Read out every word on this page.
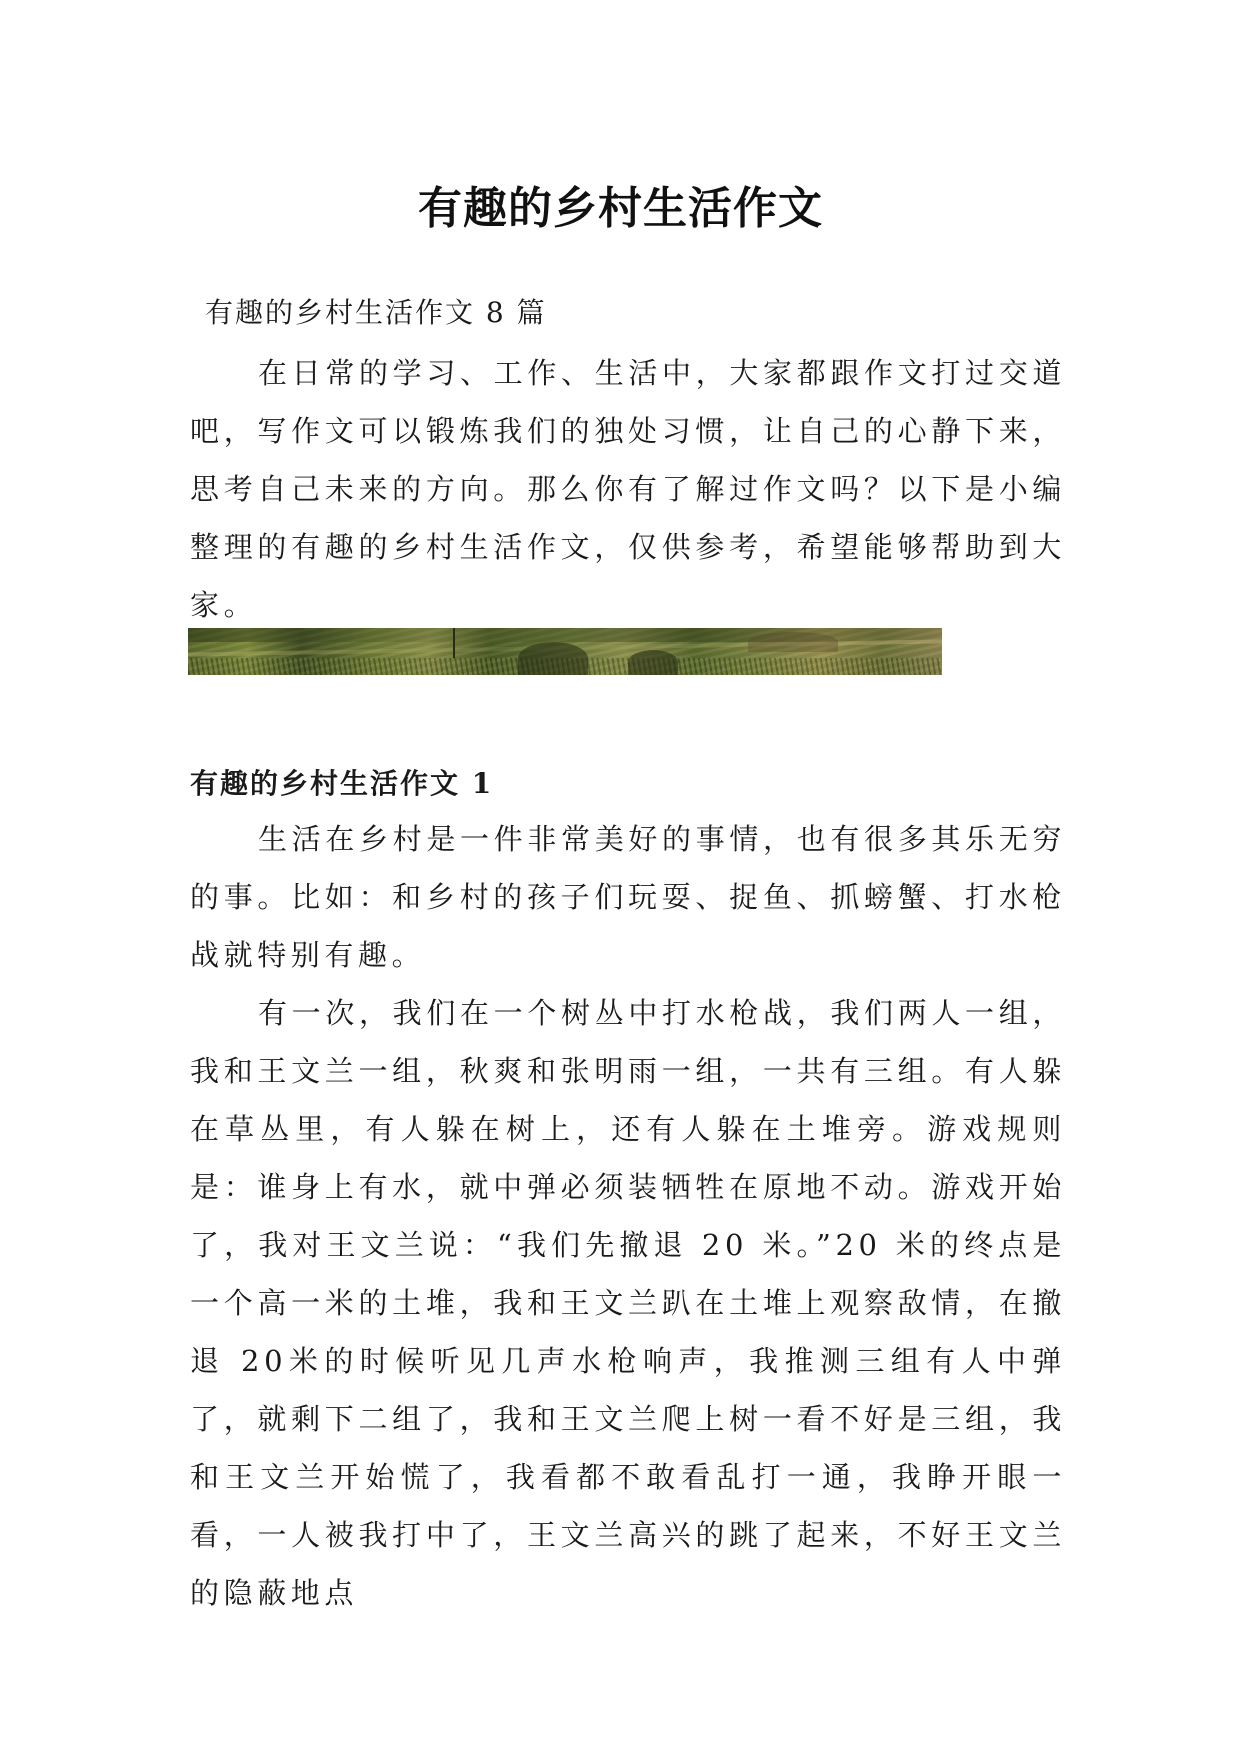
有趣的乡村生活作文
有趣的乡村生活作文 8 篇

在日常的学习、工作、生活中，大家都跟作文打过交道吧，写作文可以锻炼我们的独处习惯，让自己的心静下来，思考自己未来的方向。那么你有了解过作文吗？以下是小编整理的有趣的乡村生活作文，仅供参考，希望能够帮助到大家。

有趣的乡村生活作文 1

生活在乡村是一件非常美好的事情，也有很多其乐无穷的事。比如：和乡村的孩子们玩耍、捉鱼、抓螃蟹、打水枪战就特别有趣。

有一次，我们在一个树丛中打水枪战，我们两人一组，我和王文兰一组，秋爽和张明雨一组，一共有三组。有人躲在草丛里，有人躲在树上，还有人躲在土堆旁。游戏规则是：谁身上有水，就中弹必须装牺牲在原地不动。游戏开始了，我对王文兰说：“我们先撤退 20 米。”20 米的终点是一个高一米的土堆，我和王文兰趴在土堆上观察敌情，在撤退 20米的时候听见几声水枪响声，我推测三组有人中弹了，就剩下二组了，我和王文兰爬上树一看不好是三组，我和王文兰开始慌了，我看都不敢看乱打一通，我睁开眼一看，一人被我打中了，王文兰高兴的跳了起来，不好王文兰的隐蔽地点
